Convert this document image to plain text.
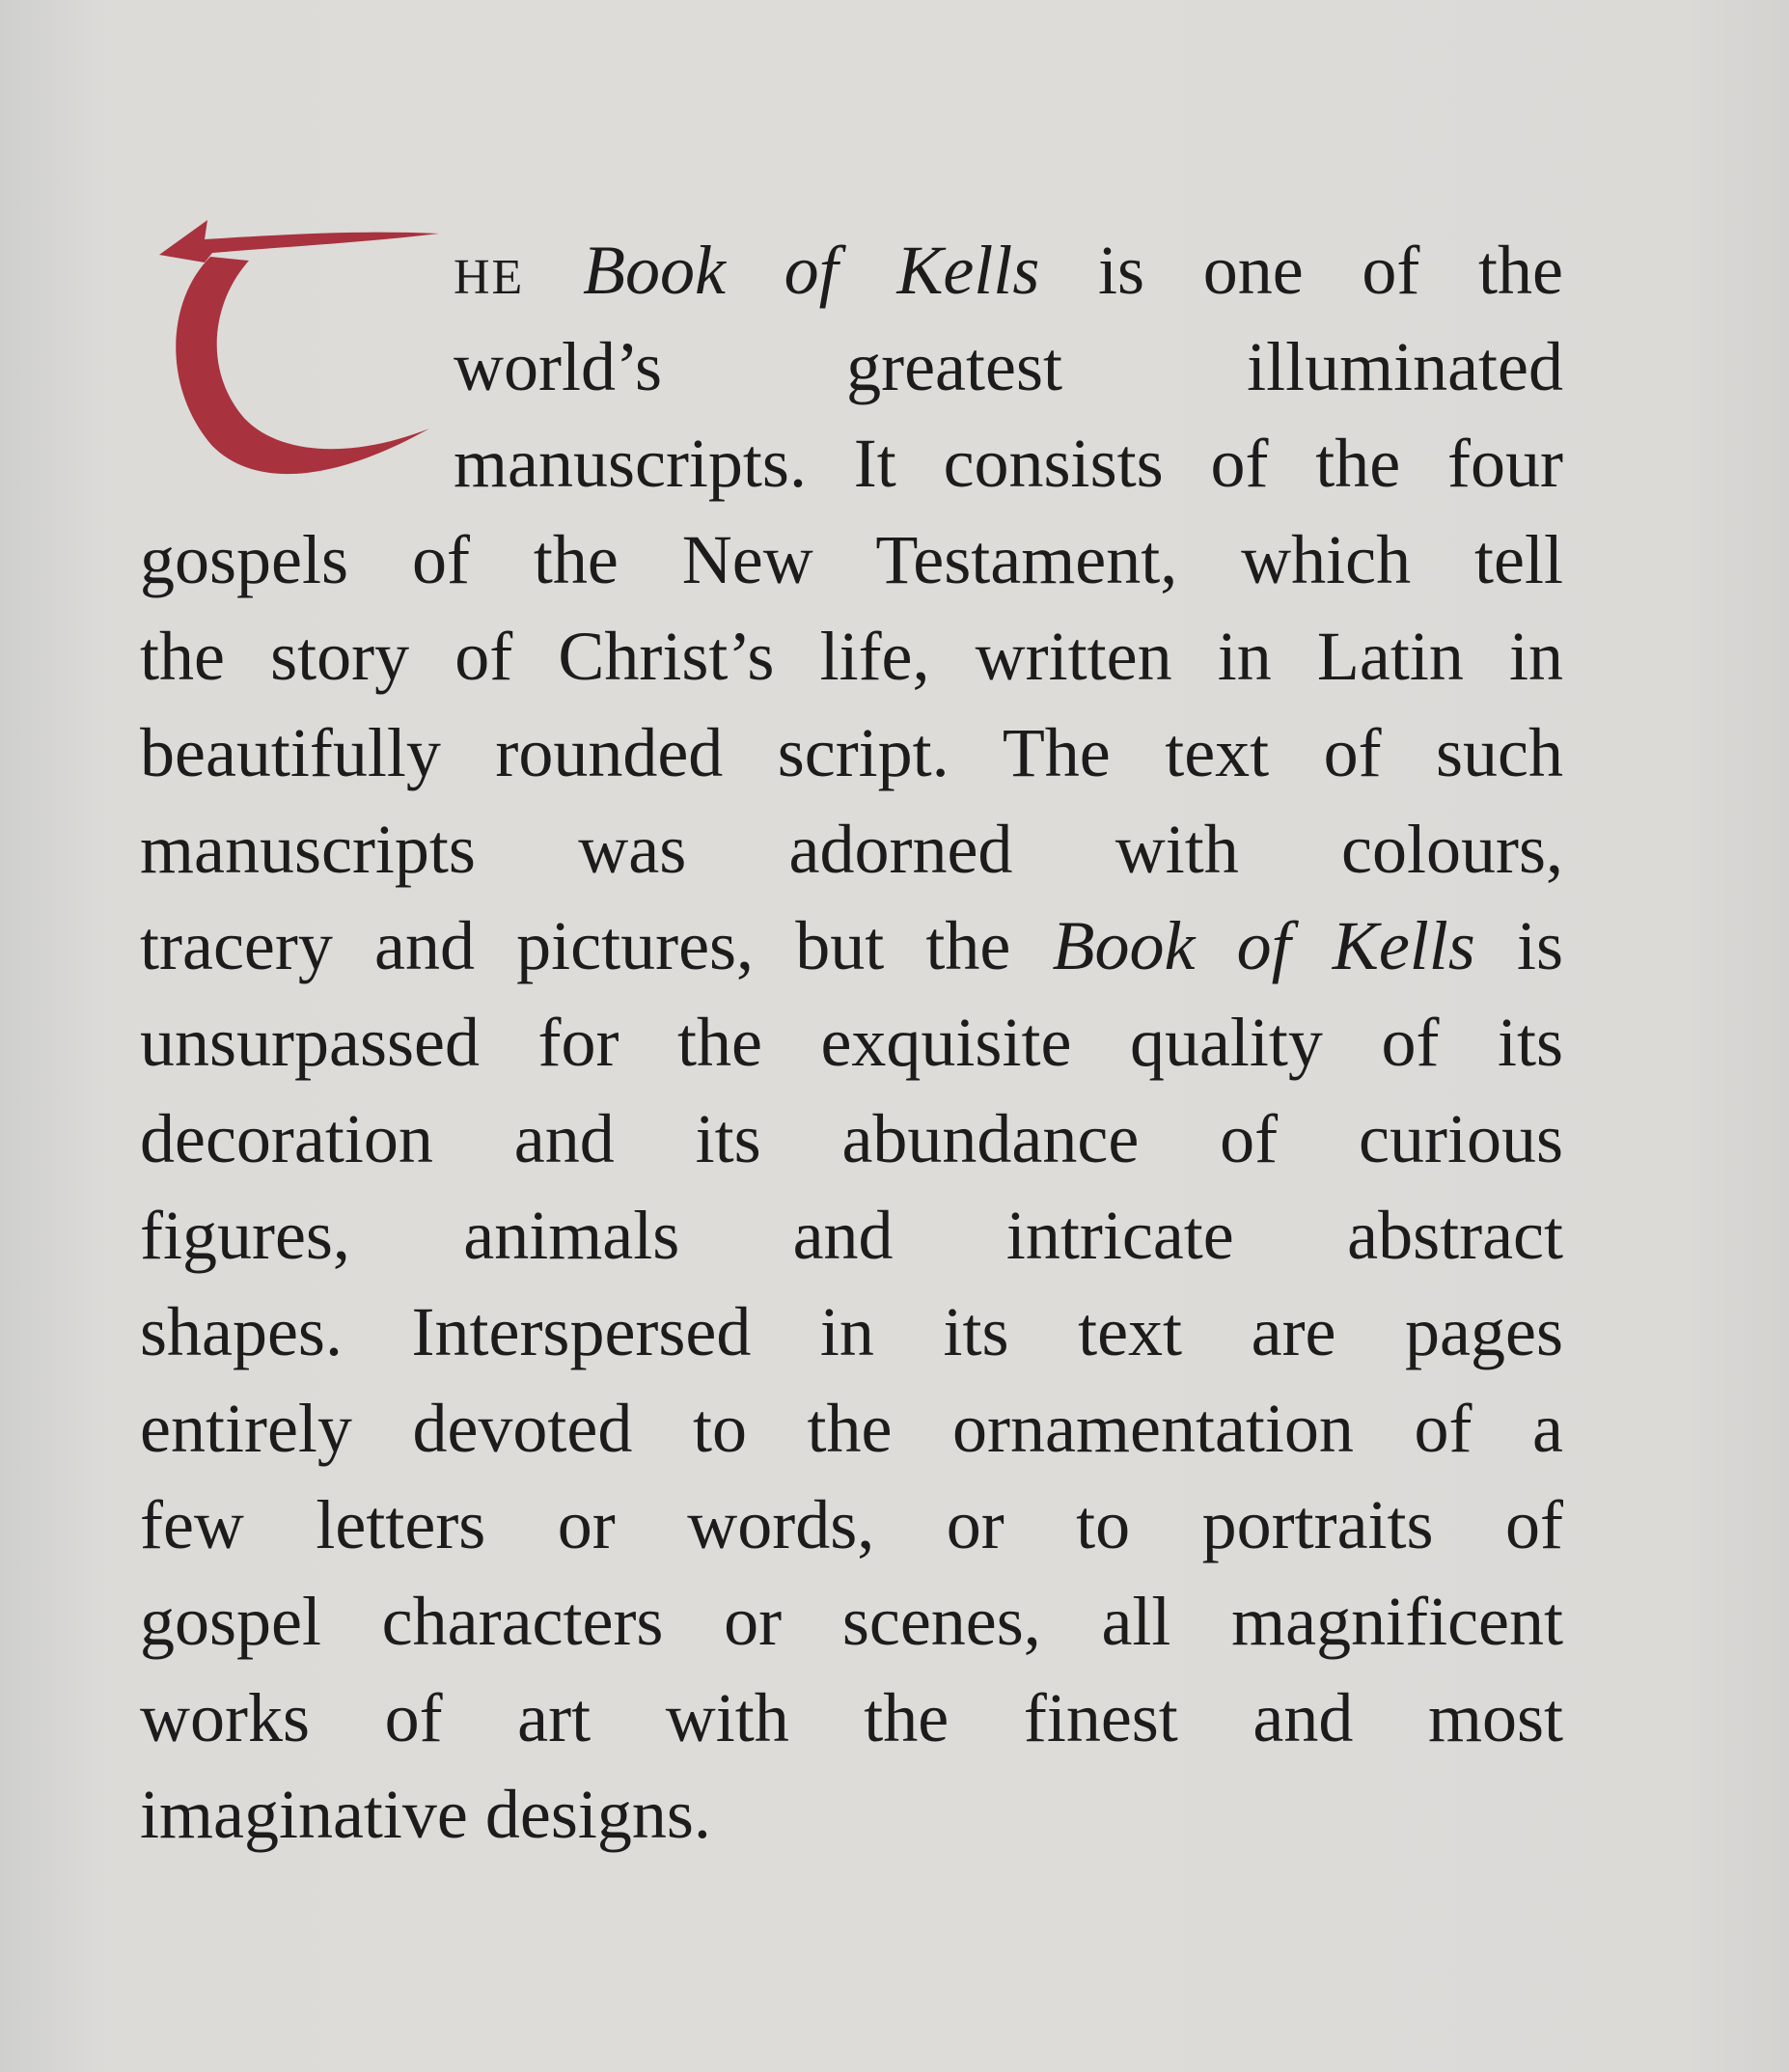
HE Book of Kells is one of the
world’s greatest illuminated
manuscripts. It consists of the four
gospels of the New Testament, which tell
the story of Christ’s life, written in Latin in
beautifully rounded script. The text of such
manuscripts was adorned with colours,
tracery and pictures, but the Book of Kells is
unsurpassed for the exquisite quality of its
decoration and its abundance of curious
figures, animals and intricate abstract
shapes. Interspersed in its text are pages
entirely devoted to the ornamentation of a
few letters or words, or to portraits of
gospel characters or scenes, all magnificent
works of art with the finest and most
imaginative designs.
